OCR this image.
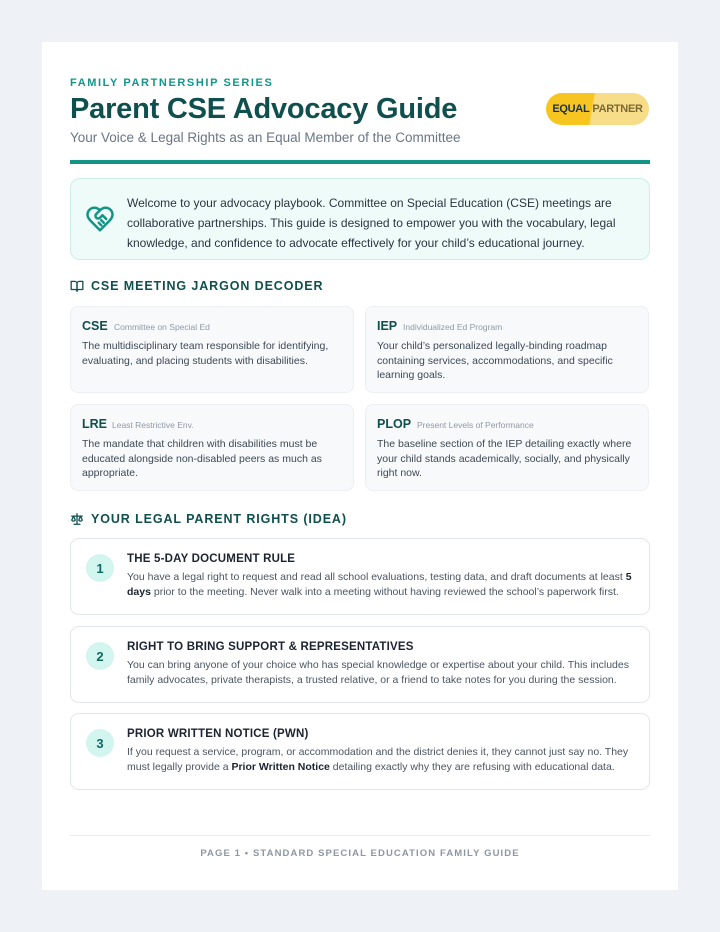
FAMILY PARTNERSHIP SERIES
Parent CSE Advocacy Guide
Your Voice & Legal Rights as an Equal Member of the Committee
EQUAL PARTNER

Welcome to your advocacy playbook. Committee on Special Education (CSE) meetings are collaborative partnerships. This guide is designed to empower you with the vocabulary, legal knowledge, and confidence to advocate effectively for your child’s educational journey.

CSE MEETING JARGON DECODER
CSE Committee on Special Ed
The multidisciplinary team responsible for identifying, evaluating, and placing students with disabilities.
IEP Individualized Ed Program
Your child’s personalized legally-binding roadmap containing services, accommodations, and specific learning goals.
LRE Least Restrictive Env.
The mandate that children with disabilities must be educated alongside non-disabled peers as much as appropriate.
PLOP Present Levels of Performance
The baseline section of the IEP detailing exactly where your child stands academically, socially, and physically right now.
YOUR LEGAL PARENT RIGHTS (IDEA)
1
THE 5-DAY DOCUMENT RULE
You have a legal right to request and read all school evaluations, testing data, and draft documents at least 5 days prior to the meeting. Never walk into a meeting without having reviewed the school’s paperwork first.
2
RIGHT TO BRING SUPPORT & REPRESENTATIVES
You can bring anyone of your choice who has special knowledge or expertise about your child. This includes family advocates, private therapists, a trusted relative, or a friend to take notes for you during the session.
3
PRIOR WRITTEN NOTICE (PWN)
If you request a service, program, or accommodation and the district denies it, they cannot just say no. They must legally provide a Prior Written Notice detailing exactly why they are refusing with educational data.
PAGE 1 • STANDARD SPECIAL EDUCATION FAMILY GUIDE
